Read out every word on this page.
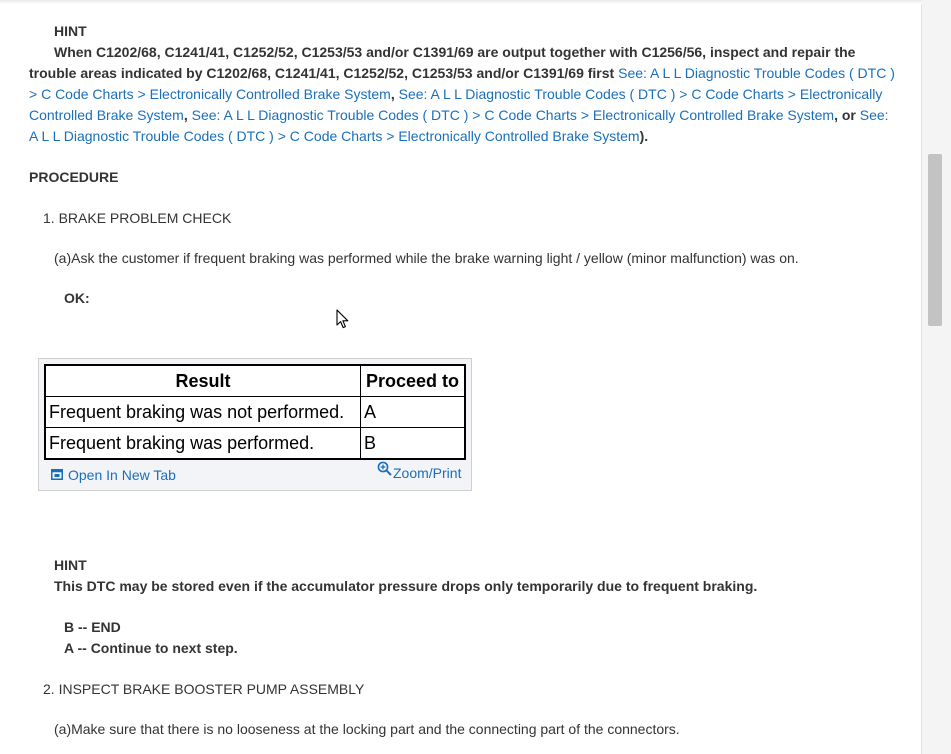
HINT
When C1202/68, C1241/41, C1252/52, C1253/53 and/or C1391/69 are output together with C1256/56, inspect and repair the trouble areas indicated by C1202/68, C1241/41, C1252/52, C1253/53 and/or C1391/69 first See: A L L Diagnostic Trouble Codes ( DTC ) > C Code Charts > Electronically Controlled Brake System, See: A L L Diagnostic Trouble Codes ( DTC ) > C Code Charts > Electronically Controlled Brake System, See: A L L Diagnostic Trouble Codes ( DTC ) > C Code Charts > Electronically Controlled Brake System, or See: A L L Diagnostic Trouble Codes ( DTC ) > C Code Charts > Electronically Controlled Brake System).
PROCEDURE
1. BRAKE PROBLEM CHECK
(a)Ask the customer if frequent braking was performed while the brake warning light / yellow (minor malfunction) was on.
OK:
Result	Proceed to
Frequent braking was not performed.	A
Frequent braking was performed.	B
Open In New Tab	Zoom/Print
HINT
This DTC may be stored even if the accumulator pressure drops only temporarily due to frequent braking.
B -- END
A -- Continue to next step.
2. INSPECT BRAKE BOOSTER PUMP ASSEMBLY
(a)Make sure that there is no looseness at the locking part and the connecting part of the connectors.
